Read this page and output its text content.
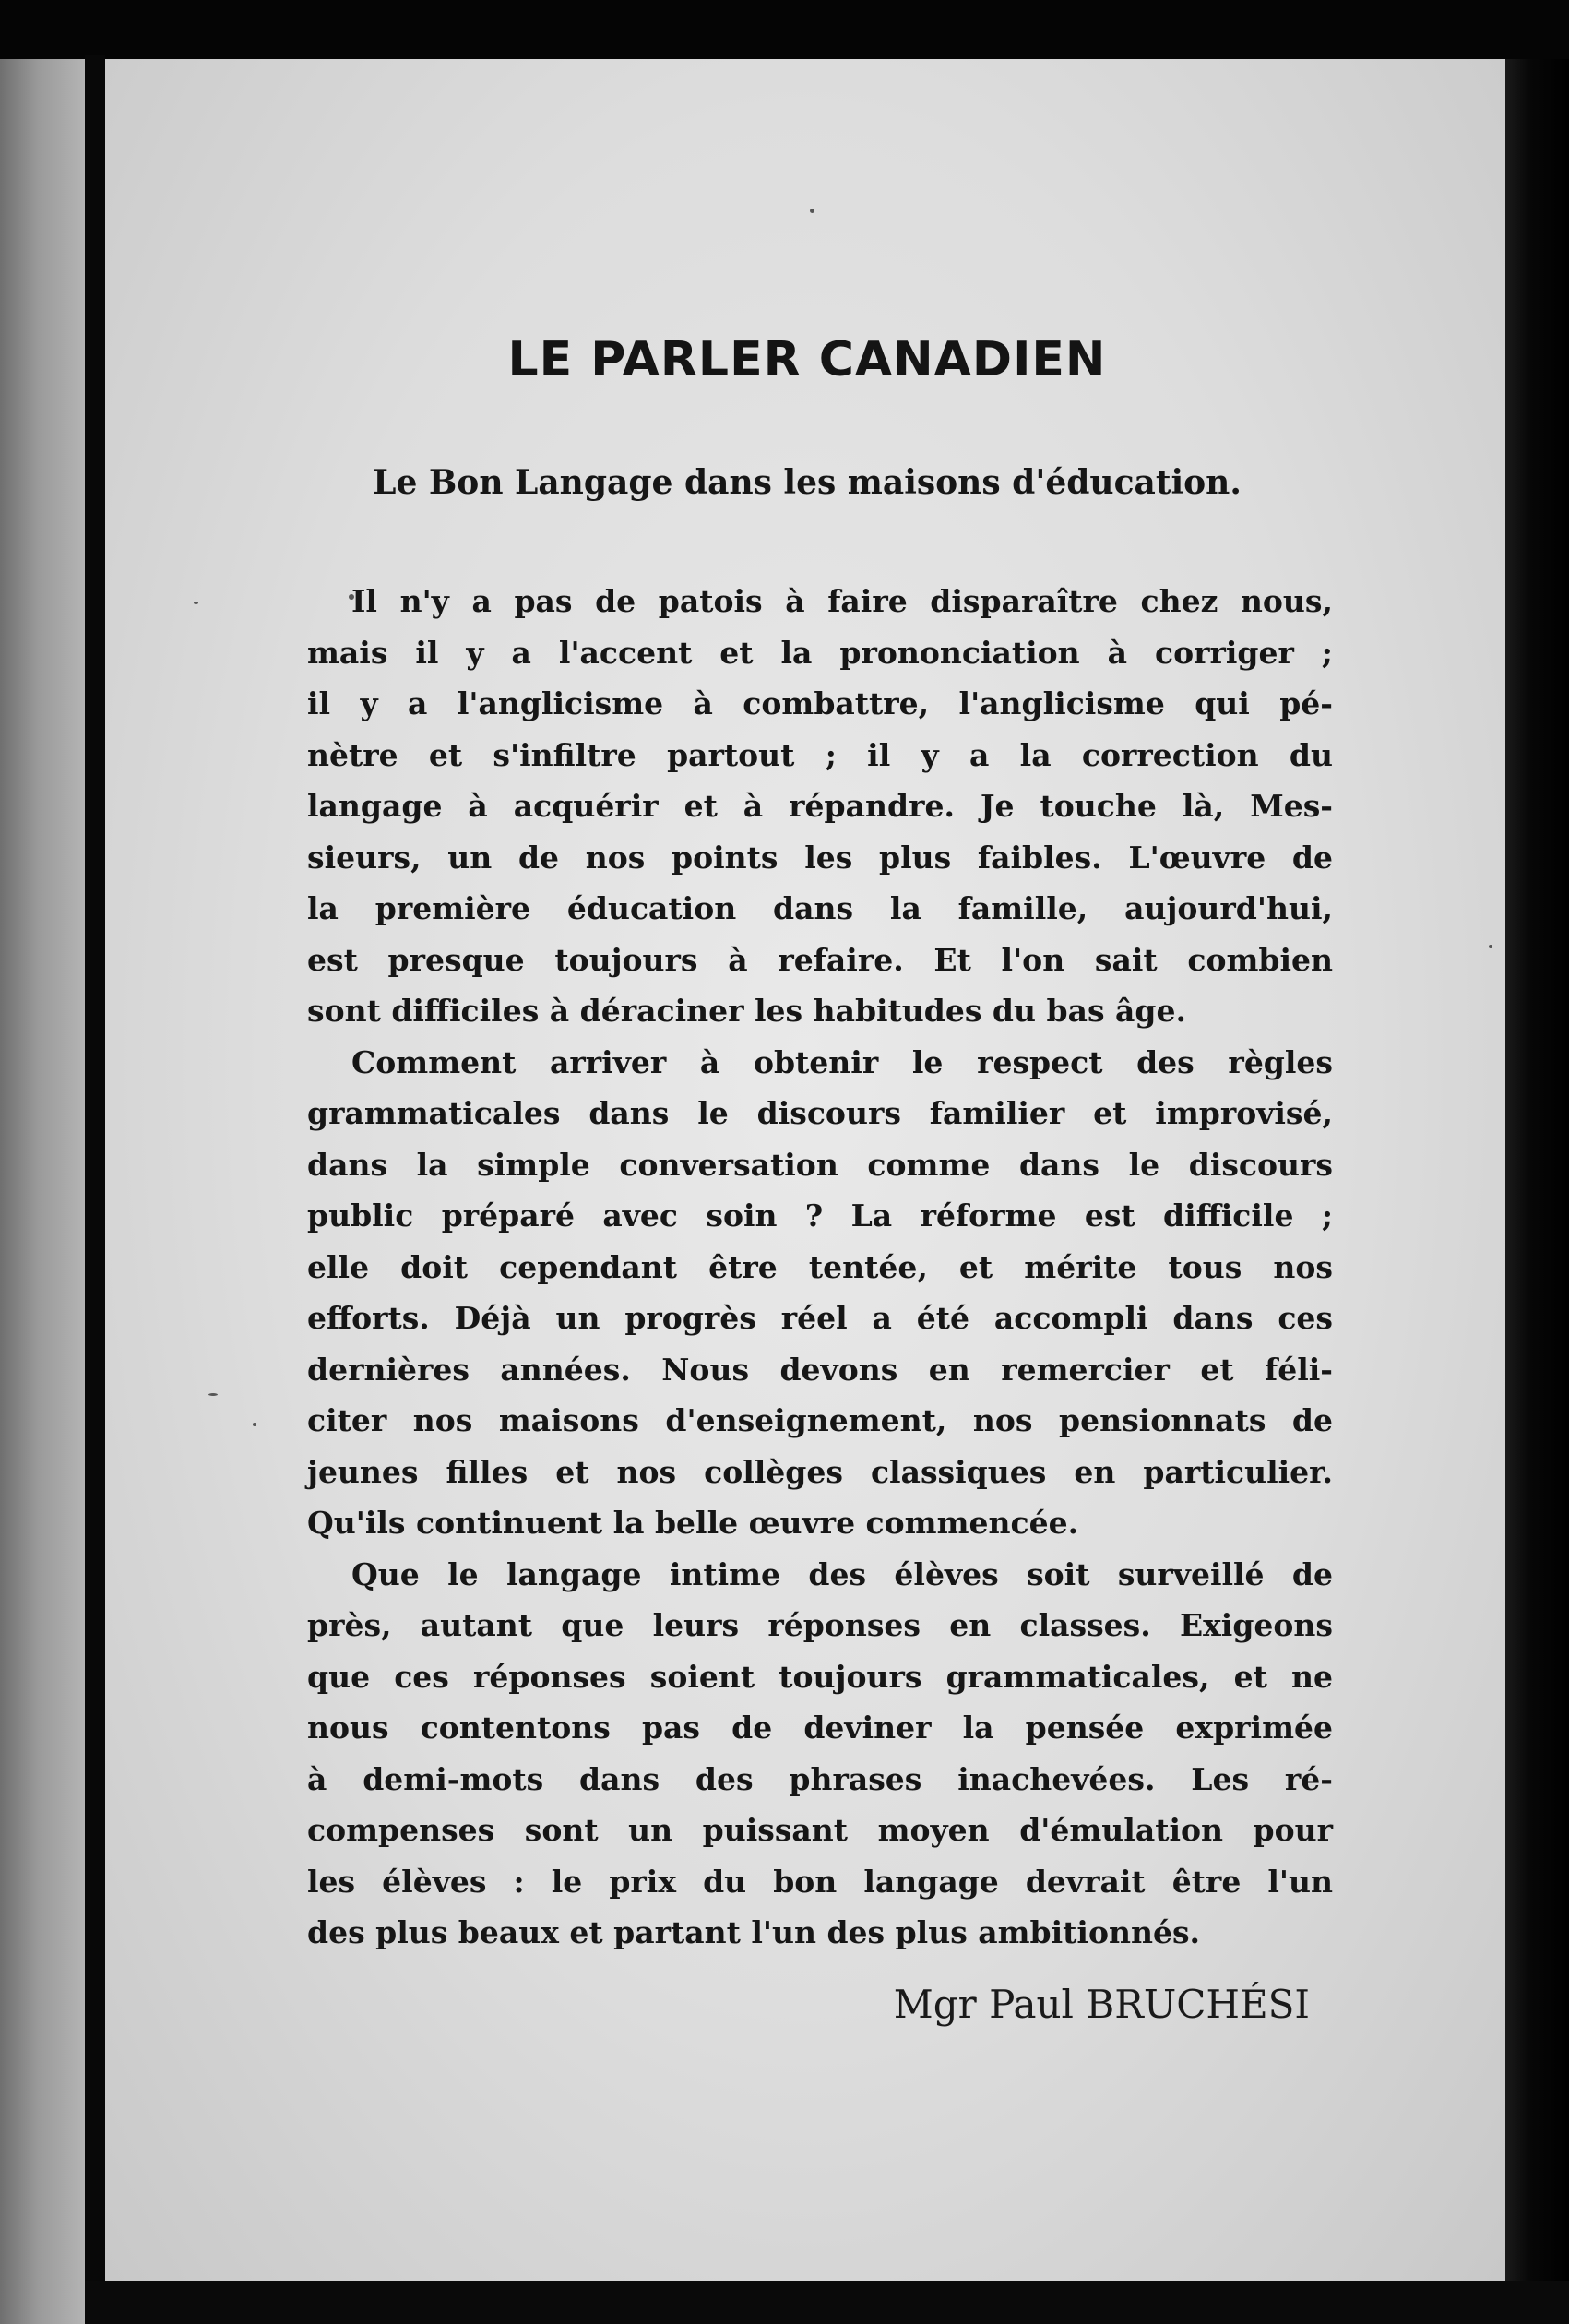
LE PARLER CANADIEN
Le Bon Langage dans les maisons d'éducation.
Il n'y a pas de patois à faire disparaître chez nous,
mais il y a l'accent et la prononciation à corriger ;
il y a l'anglicisme à combattre, l'anglicisme qui pé-
nètre et s'infiltre partout ; il y a la correction du
langage à acquérir et à répandre. Je touche là, Mes-
sieurs, un de nos points les plus faibles. L'œuvre de
la première éducation dans la famille, aujourd'hui,
est presque toujours à refaire. Et l'on sait combien
sont difficiles à déraciner les habitudes du bas âge.
Comment arriver à obtenir le respect des règles
grammaticales dans le discours familier et improvisé,
dans la simple conversation comme dans le discours
public préparé avec soin ? La réforme est difficile ;
elle doit cependant être tentée, et mérite tous nos
efforts. Déjà un progrès réel a été accompli dans ces
dernières années. Nous devons en remercier et féli-
citer nos maisons d'enseignement, nos pensionnats de
jeunes filles et nos collèges classiques en particulier.
Qu'ils continuent la belle œuvre commencée.
Que le langage intime des élèves soit surveillé de
près, autant que leurs réponses en classes. Exigeons
que ces réponses soient toujours grammaticales, et ne
nous contentons pas de deviner la pensée exprimée
à demi-mots dans des phrases inachevées. Les ré-
compenses sont un puissant moyen d'émulation pour
les élèves : le prix du bon langage devrait être l'un
des plus beaux et partant l'un des plus ambitionnés.

Mgr Paul BRUCHÉSI
